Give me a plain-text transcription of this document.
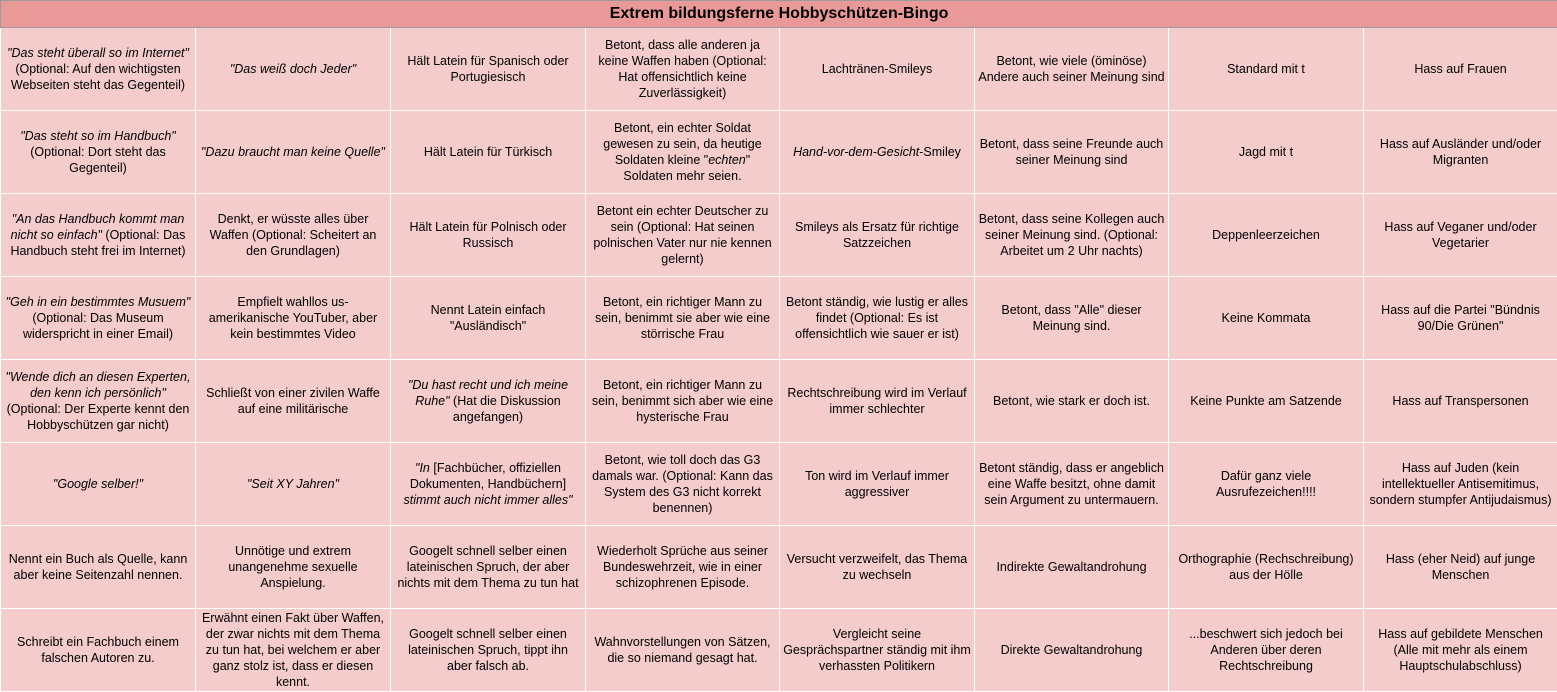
Extrem bildungsferne Hobbyschützen-Bingo							
"Das steht überall so im Internet" (Optional: Auf den wichtigsten Webseiten steht das Gegenteil)	"Das weiß doch Jeder"	Hält Latein für Spanisch oder Portugiesisch	Betont, dass alle anderen ja keine Waffen haben (Optional: Hat offensichtlich keine Zuverlässigkeit)	Lachtränen-Smileys	Betont, wie viele (öminöse) Andere auch seiner Meinung sind	Standard mit t	Hass auf Frauen
"Das steht so im Handbuch" (Optional: Dort steht das Gegenteil)	"Dazu braucht man keine Quelle"	Hält Latein für Türkisch	Betont, ein echter Soldat gewesen zu sein, da heutige Soldaten kleine "echten" Soldaten mehr seien.	Hand-vor-dem-Gesicht-Smiley	Betont, dass seine Freunde auch seiner Meinung sind	Jagd mit t	Hass auf Ausländer und/oder Migranten
"An das Handbuch kommt man nicht so einfach" (Optional: Das Handbuch steht frei im Internet)	Denkt, er wüsste alles über Waffen (Optional: Scheitert an den Grundlagen)	Hält Latein für Polnisch oder Russisch	Betont ein echter Deutscher zu sein (Optional: Hat seinen polnischen Vater nur nie kennen gelernt)	Smileys als Ersatz für richtige Satzzeichen	Betont, dass seine Kollegen auch seiner Meinung sind. (Optional: Arbeitet um 2 Uhr nachts)	Deppenleerzeichen	Hass auf Veganer und/oder Vegetarier
"Geh in ein bestimmtes Musuem" (Optional: Das Museum widerspricht in einer Email)	Empfielt wahllos us-amerikanische YouTuber, aber kein bestimmtes Video	Nennt Latein einfach "Ausländisch"	Betont, ein richtiger Mann zu sein, benimmt sie aber wie eine störrische Frau	Betont ständig, wie lustig er alles findet (Optional: Es ist offensichtlich wie sauer er ist)	Betont, dass "Alle" dieser Meinung sind.	Keine Kommata	Hass auf die Partei "Bündnis 90/Die Grünen"
"Wende dich an diesen Experten, den kenn ich persönlich" (Optional: Der Experte kennt den Hobbyschützen gar nicht)	Schließt von einer zivilen Waffe auf eine militärische	"Du hast recht und ich meine Ruhe" (Hat die Diskussion angefangen)	Betont, ein richtiger Mann zu sein, benimmt sich aber wie eine hysterische Frau	Rechtschreibung wird im Verlauf immer schlechter	Betont, wie stark er doch ist.	Keine Punkte am Satzende	Hass auf Transpersonen
"Google selber!"	"Seit XY Jahren"	"In [Fachbücher, offiziellen Dokumenten, Handbüchern] stimmt auch nicht immer alles"	Betont, wie toll doch das G3 damals war. (Optional: Kann das System des G3 nicht korrekt benennen)	Ton wird im Verlauf immer aggressiver	Betont ständig, dass er angeblich eine Waffe besitzt, ohne damit sein Argument zu untermauern.	Dafür ganz viele Ausrufezeichen!!!!	Hass auf Juden (kein intellektueller Antisemitimus, sondern stumpfer Antijudaismus)
Nennt ein Buch als Quelle, kann aber keine Seitenzahl nennen.	Unnötige und extrem unangenehme sexuelle Anspielung.	Googelt schnell selber einen lateinischen Spruch, der aber nichts mit dem Thema zu tun hat	Wiederholt Sprüche aus seiner Bundeswehrzeit, wie in einer schizophrenen Episode.	Versucht verzweifelt, das Thema zu wechseln	Indirekte Gewaltandrohung	Orthographie (Rechschreibung) aus der Hölle	Hass (eher Neid) auf junge Menschen
Schreibt ein Fachbuch einem falschen Autoren zu.	Erwähnt einen Fakt über Waffen, der zwar nichts mit dem Thema zu tun hat, bei welchem er aber ganz stolz ist, dass er diesen kennt.	Googelt schnell selber einen lateinischen Spruch, tippt ihn aber falsch ab.	Wahnvorstellungen von Sätzen, die so niemand gesagt hat.	Vergleicht seine Gesprächspartner ständig mit ihm verhassten Politikern	Direkte Gewaltandrohung	...beschwert sich jedoch bei Anderen über deren Rechtschreibung	Hass auf gebildete Menschen (Alle mit mehr als einem Hauptschulabschluss)
